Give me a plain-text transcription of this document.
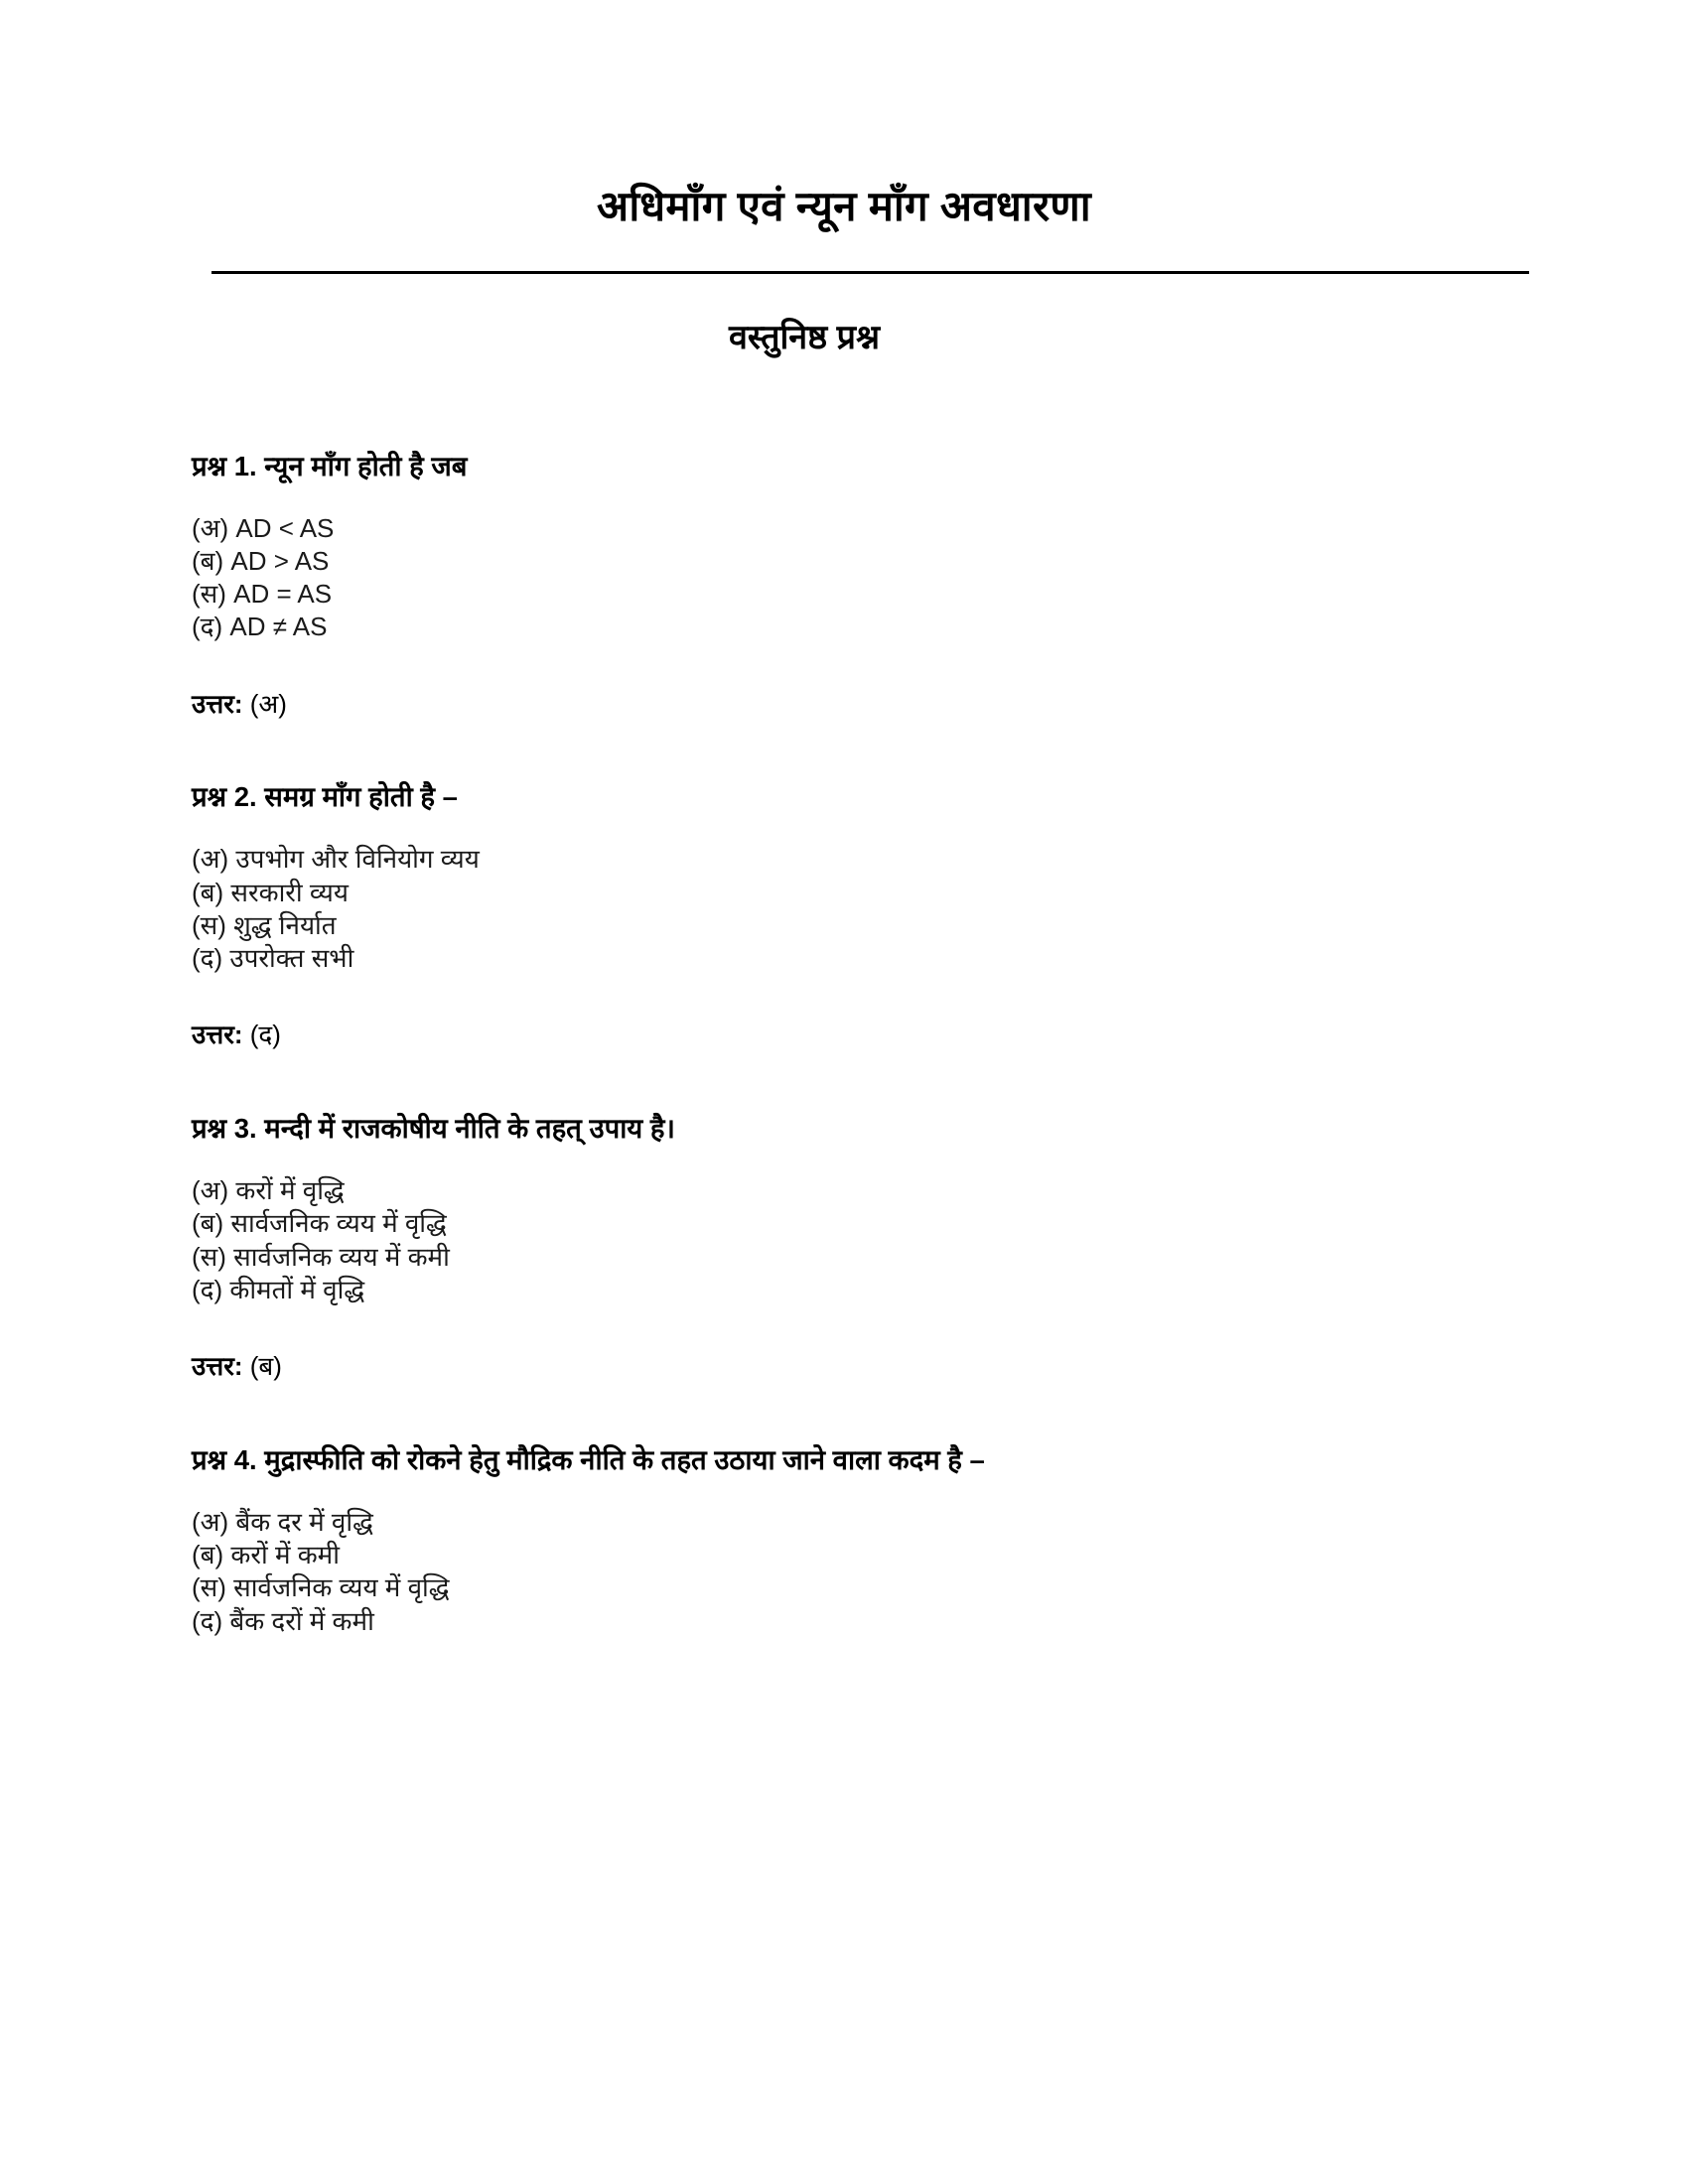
अधिमाँग एवं न्यून माँग अवधारणा
वस्तुनिष्ठ प्रश्न
प्रश्न 1. न्यून माँग होती है जब
(अ) AD < AS
(ब) AD > AS
(स) AD = AS
(द) AD ≠ AS
उत्तर: (अ)
प्रश्न 2. समग्र माँग होती है –
(अ) उपभोग और विनियोग व्यय
(ब) सरकारी व्यय
(स) शुद्ध निर्यात
(द) उपरोक्त सभी
उत्तर: (द)
प्रश्न 3. मन्दी में राजकोषीय नीति के तहत् उपाय है।
(अ) करों में वृद्धि
(ब) सार्वजनिक व्यय में वृद्धि
(स) सार्वजनिक व्यय में कमी
(द) कीमतों में वृद्धि
उत्तर: (ब)
प्रश्न 4. मुद्रास्फीति को रोकने हेतु मौद्रिक नीति के तहत उठाया जाने वाला कदम है –
(अ) बैंक दर में वृद्धि
(ब) करों में कमी
(स) सार्वजनिक व्यय में वृद्धि
(द) बैंक दरों में कमी
